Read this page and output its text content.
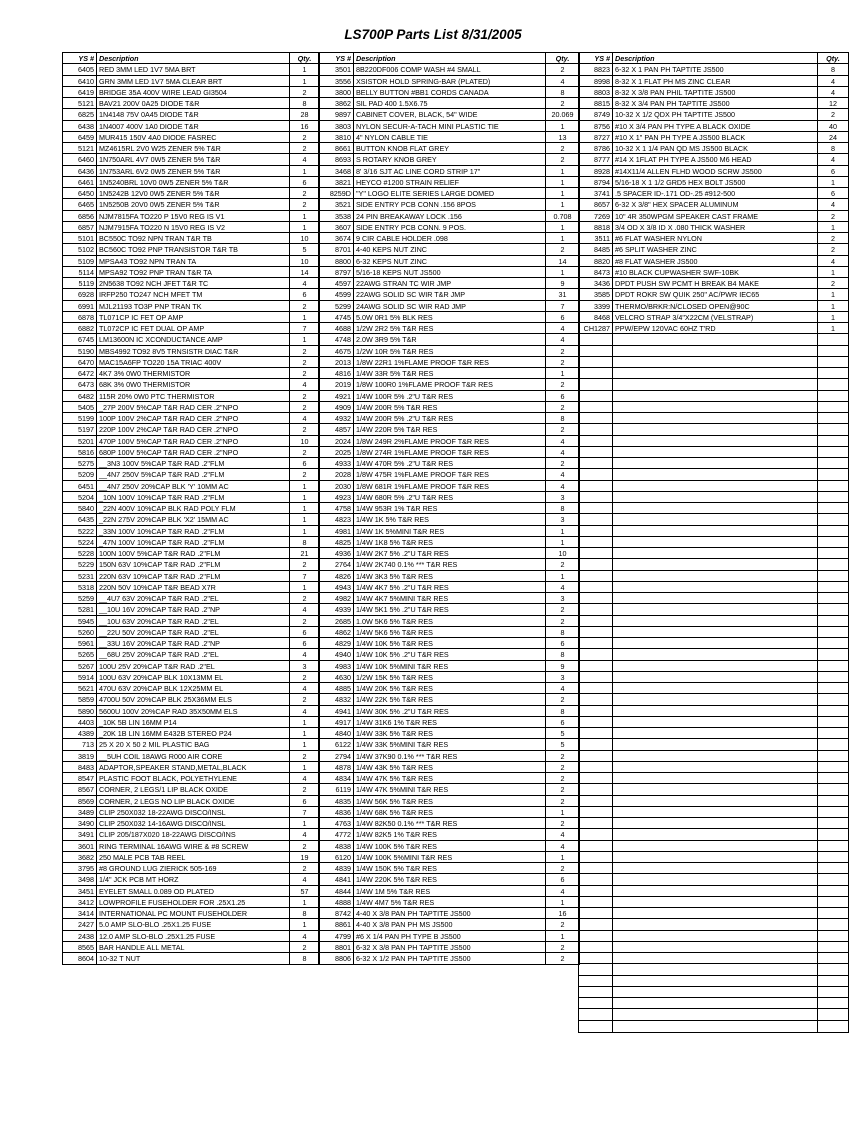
LS700P Parts List 8/31/2005
YS # Description	Qty.
6405 RED 3MM LED 1V7 5MA BRT	1
6410 GRN 3MM LED 1V7 5MA CLEAR BRT	1
6419 BRIDGE 35A 400V WIRE LEAD GI3504	2
5121 BAV21 200V 0A25 DIODE T&R	8
6825 1N4148 75V 0A45 DIODE T&R	28
6438 1N4007 400V 1A0 DIODE T&R	16
6459 MUR415 150V 4A0 DIODE FASREC	2
5121 MZ4615RL 2V0 W25 ZENER 5% T&R	2
6460 1N750ARL 4V7 0W5 ZENER 5% T&R	4
6436 1N753ARL 6V2 0W5 ZENER 5% T&R	1
6461 1N5240BRL 10V0 0W5 ZENER 5% T&R	6
6450 1N5242B 12V0 0W5 ZENER 5% T&R	2
6465 1N5250B 20V0 0W5 ZENER 5% T&R	2
6856 NJM7815FA TO220 P 15V0 REG IS V1	1
6857 NJM7915FA TO220 N 15V0 REG IS V2	1
5101 BC550C TO92 NPN TRAN T&R TB	10
5102 BC560C TO92 PNP TRANSISTOR T&R TB	5
5109 MPSA43 TO92 NPN TRAN TA	10
5114 MPSA92 TO92 PNP TRAN T&R TA	14
5119 2N5638 TO92 NCH JFET T&R TC	4
6928 IRFP250 TO247 NCH MFET TM	6
6991 MJL21193 TO3P PNP TRAN TK	2
6878 TL071CP IC FET OP AMP	1
6882 TL072CP IC FET DUAL OP AMP	7
6745 LM13600N IC XCONDUCTANCE AMP	1
5190 MBS4992 TO92 8V5 TRNSISTR DIAC T&R	2
6470 MAC15A6FP TO220 15A TRIAC 400V	2
6472 4K7 3% 0W0 THERMISTOR	2
6473 68K 3% 0W0 THERMISTOR	4
6482 115R 20% 0W0 PTC THERMISTOR	2
5405 _27P 200V 5%CAP T&R RAD CER .2"NPO	2
5199 100P 100V 2%CAP T&R RAD CER .2"NPO	4
5197 220P 100V 2%CAP T&R RAD CER .2"NPO	2
5201 470P 100V 5%CAP T&R RAD CER .2"NPO	10
5816 680P 100V 5%CAP T&R RAD CER .2"NPO	2
5275 __3N3 100V 5%CAP T&R RAD .2"FLM	6
5209 __4N7 250V 5%CAP T&R RAD .2"FLM	2
6451 __4N7 250V 20%CAP BLK 'Y' 10MM AC	1
5204 _10N 100V 10%CAP T&R RAD .2"FLM	1
5840 _22N 400V 10%CAP BLK RAD POLY FLM	1
6435 _22N 275V 20%CAP BLK 'X2' 15MM AC	1
5222 _33N 100V 10%CAP T&R RAD .2"FLM	1
5224 _47N 100V 10%CAP T&R RAD .2"FLM	8
5228 100N 100V 5%CAP T&R RAD .2"FLM	21
5229 150N 63V 10%CAP T&R RAD .2"FLM	2
5231 220N 63V 10%CAP T&R RAD .2"FLM	7
5318 220N 50V 10%CAP T&R BEAD X7R	1
5259 __4U7 63V 20%CAP T&R RAD .2"EL	2
5281 __10U 16V 20%CAP T&R RAD .2"NP	4
5945 __10U 63V 20%CAP T&R RAD .2"EL	2
5260 __22U 50V 20%CAP T&R RAD .2"EL	6
5961 __33U 16V 20%CAP T&R RAD .2"NP	6
5265 __68U 25V 20%CAP T&R RAD .2"EL	4
5267 100U 25V 20%CAP T&R RAD .2"EL	3
5914 100U 63V 20%CAP BLK 10X13MM EL	2
5621 470U 63V 20%CAP BLK 12X25MM EL	4
5859 4700U 50V 20%CAP BLK 25X36MM ELS	2
5890 5600U 100V 20%CAP RAD 35X50MM ELS	4
4403 _10K 5B LIN 16MM P14	1
4389 _20K 1B LIN 16MM E432B STEREO P24	1
713 25 X 20 X 50 2 MIL PLASTIC BAG	1
3819 __5UH COIL 18AWG R000 AIR CORE	2
8483 ADAPTOR,SPEAKER STAND,METAL,BLACK	1
8547 PLASTIC FOOT BLACK, POLYETHYLENE	4
8567 CORNER, 2 LEGS/1 LIP BLACK OXIDE	2
8569 CORNER, 2 LEGS NO LIP BLACK OXIDE	6
3489 CLIP 250X032 18-22AWG DISCO/INSL	7
3490 CLIP 250X032 14-16AWG DISCO/INSL	1
3491 CLIP 205/187X020 18-22AWG DISCO/INS	4
3601 RING TERMINAL 16AWG WIRE & #8 SCREW	2
3682 250 MALE PCB TAB REEL	19
3795 #8 GROUND LUG ZIERICK 505-169	2
3498 1/4" JCK PCB MT HORZ	4
3451 EYELET SMALL 0.089 OD PLATED	57
3412 LOWPROFILE FUSEHOLDER FOR .25X1.25	1
3414 INTERNATIONAL PC MOUNT FUSEHOLDER	8
2427 5.0 AMP SLO-BLO .25X1.25 FUSE	1
2438 12.0 AMP SLO-BLO .25X1.25 FUSE	4
8565 BAR HANDLE ALL METAL	2
8604 10-32 T NUT	8
YS # Description	Qty.
3501 8B220DF006 COMP WASH #4 SMALL	2
3556 XSISTOR HOLD SPRING-BAR (PLATED)	4
3800 BELLY BUTTON #BB1 CORDS CANADA	8
3862 SIL PAD 400 1.5X6.75	2
9897 CABINET COVER, BLACK, 54" WIDE	20.069
3803 NYLON SECUR-A-TACH MINI PLASTIC TIE	1
3810 4" NYLON CABLE TIE	13
8661 BUTTON KNOB FLAT GREY	2
8693 S ROTARY KNOB GREY	2
3468 8' 3/16 SJT AC LINE CORD STRIP 17"	1
3821 HEYCO #1200 STRAIN RELIEF	1
8259D "Y" LOGO ELITE SERIES LARGE DOMED	1
3521 SIDE ENTRY PCB CONN .156 8POS	1
3538 24 PIN BREAKAWAY LOCK .156	0.708
3607 SIDE ENTRY PCB CONN. 9 POS.	1
3674 9 CIR CABLE HOLDER .098	1
8701 4-40 KEPS NUT ZINC	2
8800 6-32 KEPS NUT ZINC	14
8797 5/16-18 KEPS NUT JS500	1
4597 22AWG STRAN TC WIR JMP	9
4599 22AWG SOLID SC WIR T&R JMP	31
5299 24AWG SOLID SC WIR RAD JMP	7
4745 5.0W 0R1 5% BLK RES	6
4688 1/2W 2R2 5% T&R RES	4
4748 2.0W 3R9 5% T&R	4
4675 1/2W 10R 5% T&R RES	2
2013 1/8W 22R1 1%FLAME PROOF T&R RES	2
4816 1/4W 33R 5% T&R RES	1
2019 1/8W 100R0 1%FLAME PROOF T&R RES	2
4921 1/4W 100R 5% .2"U T&R RES	6
4909 1/4W 200R 5% T&R RES	2
4932 1/4W 200R 5% .2"U T&R RES	8
4857 1/4W 220R 5% T&R RES	2
2024 1/8W 249R 2%FLAME PROOF T&R RES	4
2025 1/8W 274R 1%FLAME PROOF T&R RES	4
4933 1/4W 470R 5% .2"U T&R RES	2
2028 1/8W 475R 1%FLAME PROOF T&R RES	4
2030 1/8W 681R 1%FLAME PROOF T&R RES	4
4923 1/4W 680R 5% .2"U T&R RES	3
4758 1/4W 953R 1% T&R RES	8
4823 1/4W 1K 5% T&R RES	3
4981 1/4W 1K 5%MINI T&R RES	1
4825 1/4W 1K8 5% T&R RES	1
4936 1/4W 2K7 5% .2"U T&R RES	10
2764 1/4W 2K740 0.1% *** T&R RES	2
4826 1/4W 3K3 5% T&R RES	1
4943 1/4W 4K7 5% .2"U T&R RES	4
4982 1/4W 4K7 5%MINI T&R RES	3
4939 1/4W 5K1 5% .2"U T&R RES	2
2685 1.0W 5K6 5% T&R RES	2
4862 1/4W 5K6 5% T&R RES	8
4829 1/4W 10K 5% T&R RES	6
4940 1/4W 10K 5% .2"U T&R RES	8
4983 1/4W 10K 5%MINI T&R RES	9
4630 1/2W 15K 5% T&R RES	3
4885 1/4W 20K 5% T&R RES	4
4832 1/4W 22K 5% T&R RES	2
4941 1/4W 30K 5% .2"U T&R RES	8
4917 1/4W 31K6 1% T&R RES	6
4840 1/4W 33K 5% T&R RES	5
6122 1/4W 33K 5%MINI T&R RES	5
2794 1/4W 37K90 0.1% *** T&R RES	2
4878 1/4W 43K 5% T&R RES	2
4834 1/4W 47K 5% T&R RES	2
6119 1/4W 47K 5%MINI T&R RES	2
4835 1/4W 56K 5% T&R RES	2
4836 1/4W 68K 5% T&R RES	1
4763 1/4W 82K50 0.1% *** T&R RES	2
4772 1/4W 82K5 1% T&R RES	4
4838 1/4W 100K 5% T&R RES	4
6120 1/4W 100K 5%MINI T&R RES	1
4839 1/4W 150K 5% T&R RES	2
4841 1/4W 220K 5% T&R RES	6
4844 1/4W 1M 5% T&R RES	4
4888 1/4W 4M7 5% T&R RES	1
8742 4-40 X 3/8 PAN PH TAPTITE JS500	16
8861 4-40 X 3/8 PAN PH MS JS500	2
4799 #6 X 1/4 PAN PH TYPE B JS500	1
8801 6-32 X 3/8 PAN PH TAPTITE JS500	2
8806 6-32 X 1/2 PAN PH TAPTITE JS500	2
YS # Description	Qty.
8823 6-32 X 1 PAN PH TAPTITE JS500	8
8998 8-32 X 1 FLAT PH MS ZINC CLEAR	4
8803 8-32 X 3/8 PAN PHIL TAPTITE JS500	4
8815 8-32 X 3/4 PAN PH TAPTITE JS500	12
8749 10-32 X 1/2 QDX PH TAPTITE JS500	2
8756 #10 X 3/4 PAN PH TYPE A BLACK OXIDE	40
8727 #10 X 1" PAN PH TYPE A JS500 BLACK	24
8786 10-32 X 1 1/4 PAN QD MS JS500 BLACK	8
8777 #14 X 1FLAT PH TYPE A JS500 M6 HEAD	4
8928 #14X11/4 ALLEN FLHD WOOD SCRW JS500	6
8794 5/16-18 X 1 1/2 GRD5 HEX BOLT JS500	1
3741 .5 SPACER ID-.171 OD-.25 #912-500	6
8657 6-32 X 3/8" HEX SPACER ALUMINUM	4
7269 10" 4R 350WPGM SPEAKER CAST FRAME	2
8818 3/4 OD X 3/8 ID X .080 THICK WASHER	1
3511 #6 FLAT WASHER NYLON	2
8485 #6 SPLIT WASHER ZINC	2
8820 #8 FLAT WASHER JS500	4
8473 #10 BLACK CUPWASHER SWF-10BK	1
3436 DPDT PUSH SW PCMT H BREAK B4 MAKE	2
3585 DPDT ROKR SW QUIK 250" AC/PWR IEC65	1
3399 THERMO/BRKR:N/CLOSED OPEN@90C	1
8468 VELCRO STRAP 3/4"X22CM (VELSTRAP)	1
CH1287 PPW/EPW 120VAC 60HZ T'RD	1
